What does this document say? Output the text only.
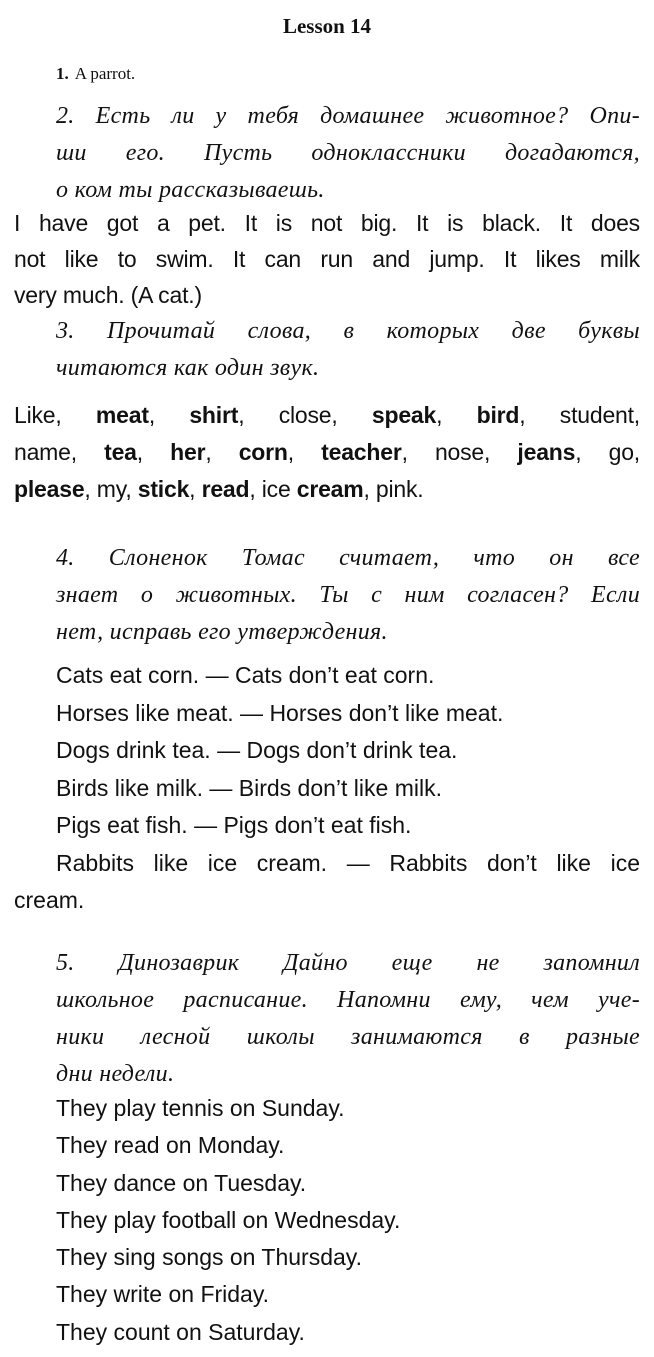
Lesson 14
1. A parrot.
2. Есть ли у тебя домашнее животное? Опи-
ши его. Пусть одноклассники догадаются,
о ком ты рассказываешь.
I have got a pet. It is not big. It is black. It does
not like to swim. It can run and jump. It likes milk
very much. (A cat.)
3. Прочитай слова, в которых две буквы
читаются как один звук.
Like, meat, shirt, close, speak, bird, student,
name, tea, her, corn, teacher, nose, jeans, go,
please, my, stick, read, ice cream, pink.
4. Слоненок Томас считает, что он все
знает о животных. Ты с ним согласен? Если
нет, исправь его утверждения.
Cats eat corn. — Cats don’t eat corn.
Horses like meat. — Horses don’t like meat.
Dogs drink tea. — Dogs don’t drink tea.
Birds like milk. — Birds don’t like milk.
Pigs eat fish. — Pigs don’t eat fish.
Rabbits like ice cream. — Rabbits don’t like ice
cream.
5. Динозаврик Дайно еще не запомнил
школьное расписание. Напомни ему, чем уче-
ники лесной школы занимаются в разные
дни недели.
They play tennis on Sunday.
They read on Monday.
They dance on Tuesday.
They play football on Wednesday.
They sing songs on Thursday.
They write on Friday.
They count on Saturday.
